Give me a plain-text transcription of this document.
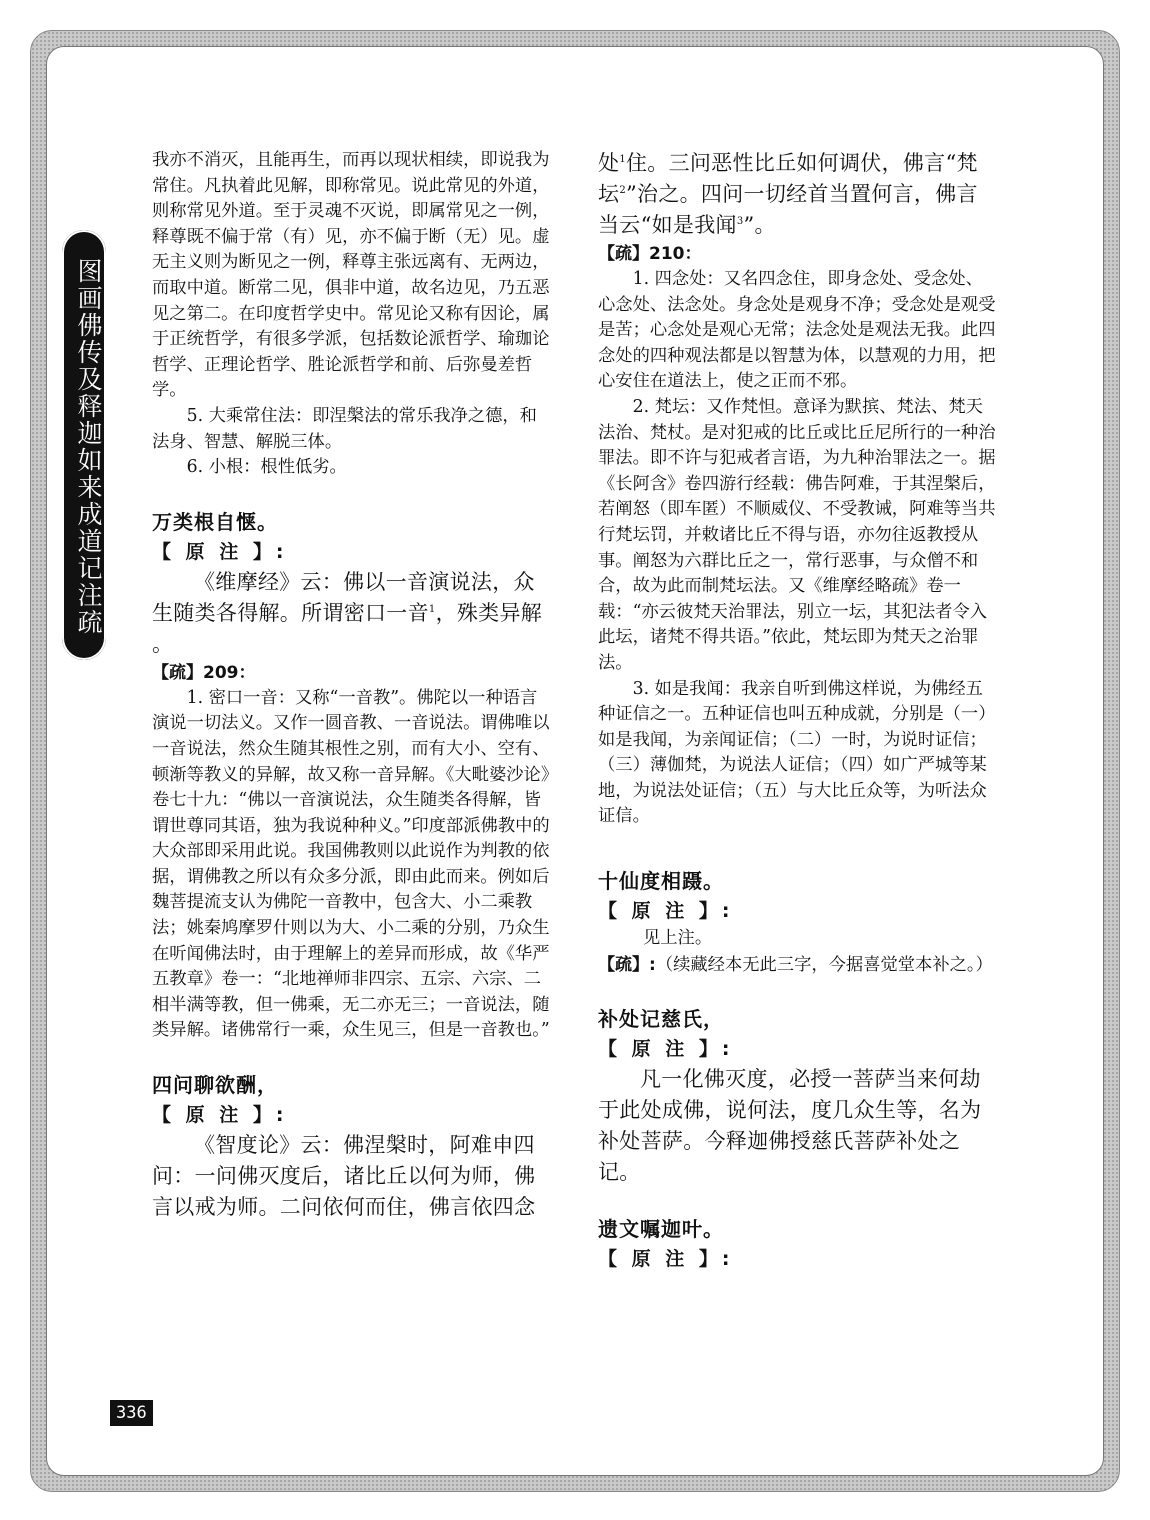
图画佛传及释迦如来成道记注疏

我亦不消灭，且能再生，而再以现状相续，即说我为常住。凡执着此见解，即称常见。说此常见的外道，则称常见外道。至于灵魂不灭说，即属常见之一例，释尊既不偏于常（有）见，亦不偏于断（无）见。虚无主义则为断见之一例，释尊主张远离有、无两边，而取中道。断常二见，俱非中道，故名边见，乃五恶见之第二。在印度哲学史中。常见论又称有因论，属于正统哲学，有很多学派，包括数论派哲学、瑜珈论哲学、正理论哲学、胜论派哲学和前、后弥曼差哲学。

5. 大乘常住法：即涅槃法的常乐我净之德，和法身、智慧、解脱三体。

6. 小根：根性低劣。

万类根自惬。

【 原 注 】:

《维摩经》云：佛以一音演说法，众生随类各得解。所谓密口一音$^1$，殊类异解 。

【疏】209：

1. 密口一音：又称“一音教”。佛陀以一种语言演说一切法义。又作一圆音教、一音说法。谓佛唯以一音说法，然众生随其根性之别，而有大小、空有、顿渐等教义的异解，故又称一音异解。《大毗婆沙论》卷七十九：“佛以一音演说法，众生随类各得解，皆谓世尊同其语，独为我说种种义。”印度部派佛教中的大众部即采用此说。我国佛教则以此说作为判教的依据，谓佛教之所以有众多分派，即由此而来。例如后魏菩提流支认为佛陀一音教中，包含大、小二乘教法；姚秦鸠摩罗什则以为大、小二乘的分别，乃众生在听闻佛法时，由于理解上的差异而形成，故《华严五教章》卷一：“北地禅师非四宗、五宗、六宗、二相半满等教，但一佛乘，无二亦无三；一音说法，随类异解。诸佛常行一乘，众生见三，但是一音教也。”

四问聊欲酬，

【 原 注 】:

《智度论》云：佛涅槃时，阿难申四问：一问佛灭度后，诸比丘以何为师，佛言以戒为师。二问依何而住，佛言依四念

处$^1$住。三问恶性比丘如何调伏，佛言“梵坛$^2$”治之。四问一切经首当置何言，佛言当云“如是我闻$^3$”。

【疏】210：

1. 四念处：又名四念住，即身念处、受念处、心念处、法念处。身念处是观身不净；受念处是观受是苦；心念处是观心无常；法念处是观法无我。此四念处的四种观法都是以智慧为体，以慧观的力用，把心安住在道法上，使之正而不邪。

2. 梵坛：又作梵怛。意译为默摈、梵法、梵天法治、梵杖。是对犯戒的比丘或比丘尼所行的一种治罪法。即不许与犯戒者言语，为九种治罪法之一。据《长阿含》卷四游行经载：佛告阿难，于其涅槃后，若阐怒（即车匿）不顺威仪、不受教诫，阿难等当共行梵坛罚，并敕诸比丘不得与语，亦勿往返教授从事。阐怒为六群比丘之一，常行恶事，与众僧不和合，故为此而制梵坛法。又《维摩经略疏》卷一载：“亦云彼梵天治罪法，别立一坛，其犯法者令入此坛，诸梵不得共语。”依此，梵坛即为梵天之治罪法。

3. 如是我闻：我亲自听到佛这样说，为佛经五种证信之一。五种证信也叫五种成就，分别是（一）如是我闻，为亲闻证信；（二）一时，为说时证信；（三）薄伽梵，为说法人证信；（四）如广严城等某地，为说法处证信；（五）与大比丘众等，为听法众证信。

十仙度相蹑。

【 原 注 】:

见上注。

【疏】:（续藏经本无此三字，今据喜觉堂本补之。）

补处记慈氏，

【 原 注 】:

凡一化佛灭度，必授一菩萨当来何劫于此处成佛，说何法，度几众生等，名为补处菩萨。今释迦佛授慈氏菩萨补处之记。

遗文嘱迦叶。

【 原 注 】:

336
